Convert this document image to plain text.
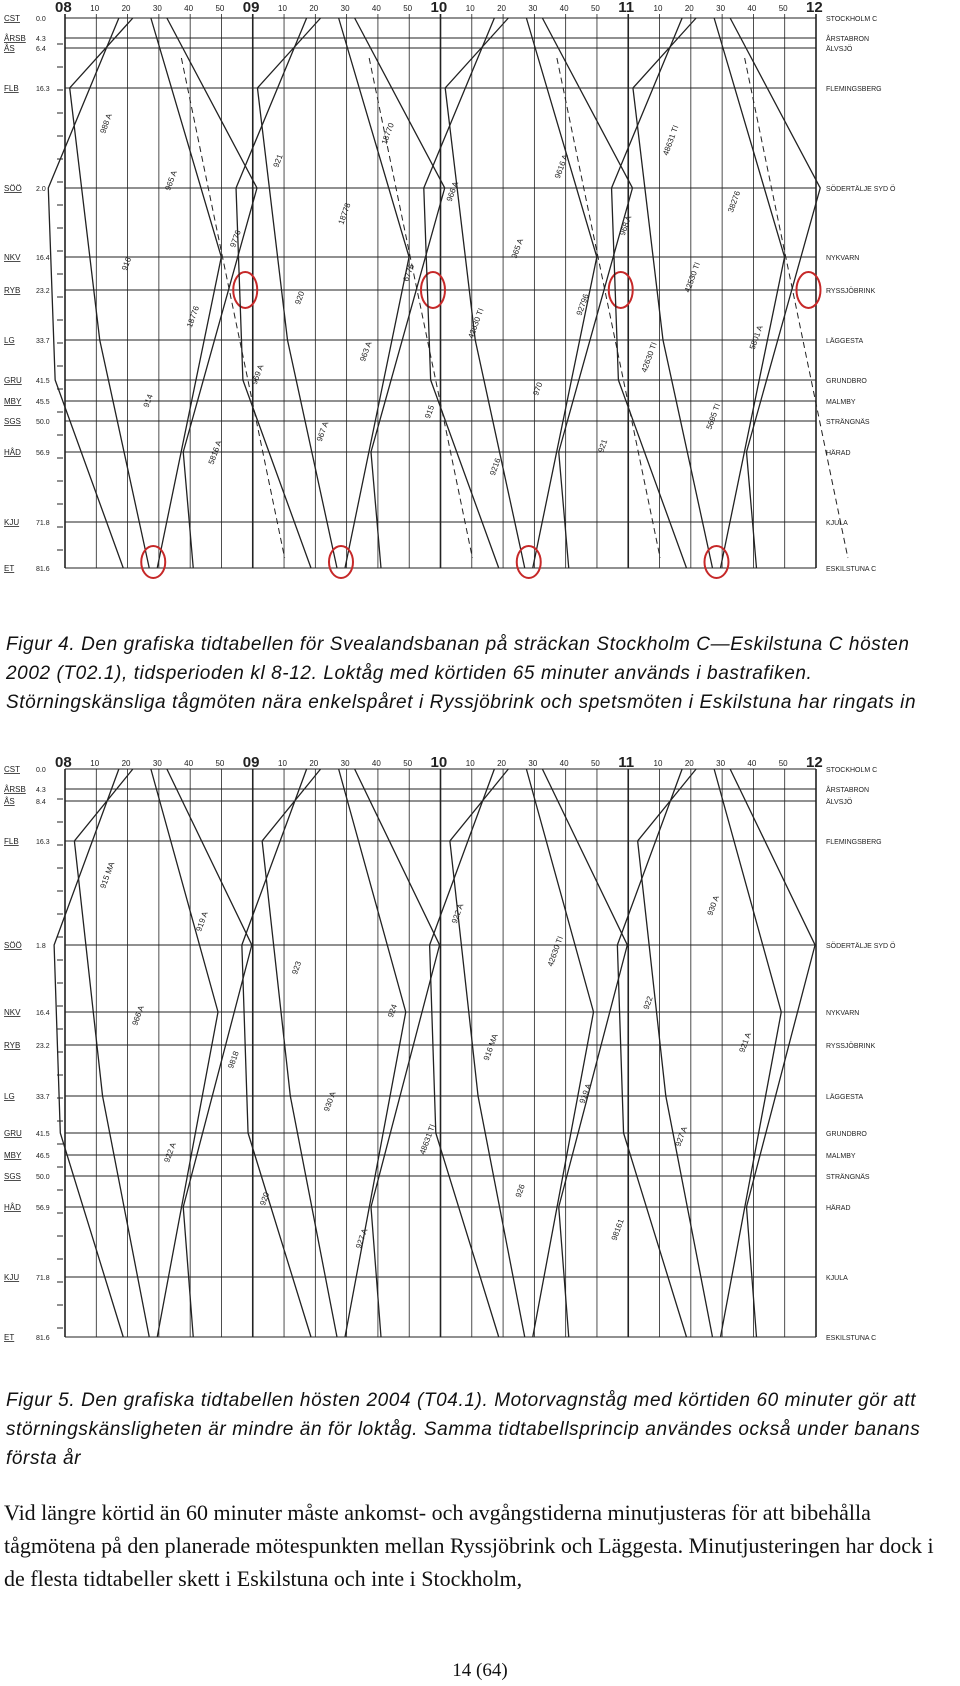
08 10	20	30	40	50 09 10	20	30	40	50 10 10	20	30	40	50 11 10	20	30	40	50 12
CST 0.0	STOCKHOLM C
ÅRSB 4.3	ÅRSTABRON
ÅS	6.4	ÄLVSJÖ
FLB 16.3	FLEMINGSBERG
SÖÖ 2.0	SÖDERTÄLJE SYD Ö
NKV 16.4	NYKVARN
RYB 23.2	RYSSJÖBRINK
LG	33.7	LÄGGESTA
GRU 41.5	GRUNDBRO
MBY 45.5	MALMBY
SGS 50.0	STRÄNGNÄS
HÅD 56.9	HÄRAD
KJU 71.8	KJULA
ET	81.6	ESKILSTUNA C
988 A
916
914
965 A
18776
5816 A
9776
969 A
921
920
967 A
18778
963 A
18770
6776
915
966 A
42630 TI
9216
965 A
970
9616 A
92796
921
968 A
42630 TI
48631 TI
42530 TI
5695 TI
38276
5801 A
Figur 4. Den grafiska tidtabellen för Svealandsbanan på sträckan Stockholm C—Eskilstuna C hösten 2002 (T02.1), tidsperioden kl 8-12. Loktåg med körtiden 65 minuter används i bastrafiken. Störningskänsliga tågmöten nära enkelspåret i Ryssjöbrink och spetsmöten i Eskilstuna har ringats in
08 10	20	30	40	50 09 10	20	30	40	50 10 10	20	30	40	50 11 10	20	30	40	50 12
CST 0.0	STOCKHOLM C
ÅRSB 4.3	ÅRSTABRON
ÅS	8.4	ÄLVSJÖ
FLB 16.3	FLEMINGSBERG
SÖÖ 1.8	SÖDERTÄLJE SYD Ö
NKV 16.4	NYKVARN
RYB 23.2	RYSSJÖBRINK
LG	33.7	LÄGGESTA
GRU 41.5	GRUNDBRO
MBY 46.5	MALMBY
SGS 50.0	STRÄNGNÄS
HÅD 56.9	HÄRAD
KJU 71.8	KJULA
ET	81.6	ESKILSTUNA C
915 MA
966 A
922 A
919 A
9818
920
923
930 A
927 A
924
48631 TI
922 A
916 MA
926
42630 TI
919 A
98161
922
927 A
930 A
921 A
Figur 5. Den grafiska tidtabellen hösten 2004 (T04.1). Motorvagnståg med körtiden 60 minuter gör att störningskänsligheten är mindre än för loktåg. Samma tidtabellsprincip användes också under banans första år

Vid längre körtid än 60 minuter måste ankomst- och avgångstiderna minutjusteras för att bibehålla tågmötena på den planerade mötespunkten mellan Ryssjöbrink och Läggesta. Minutjusteringen har dock i de flesta tidtabeller skett i Eskilstuna och inte i Stockholm,

14 (64)
